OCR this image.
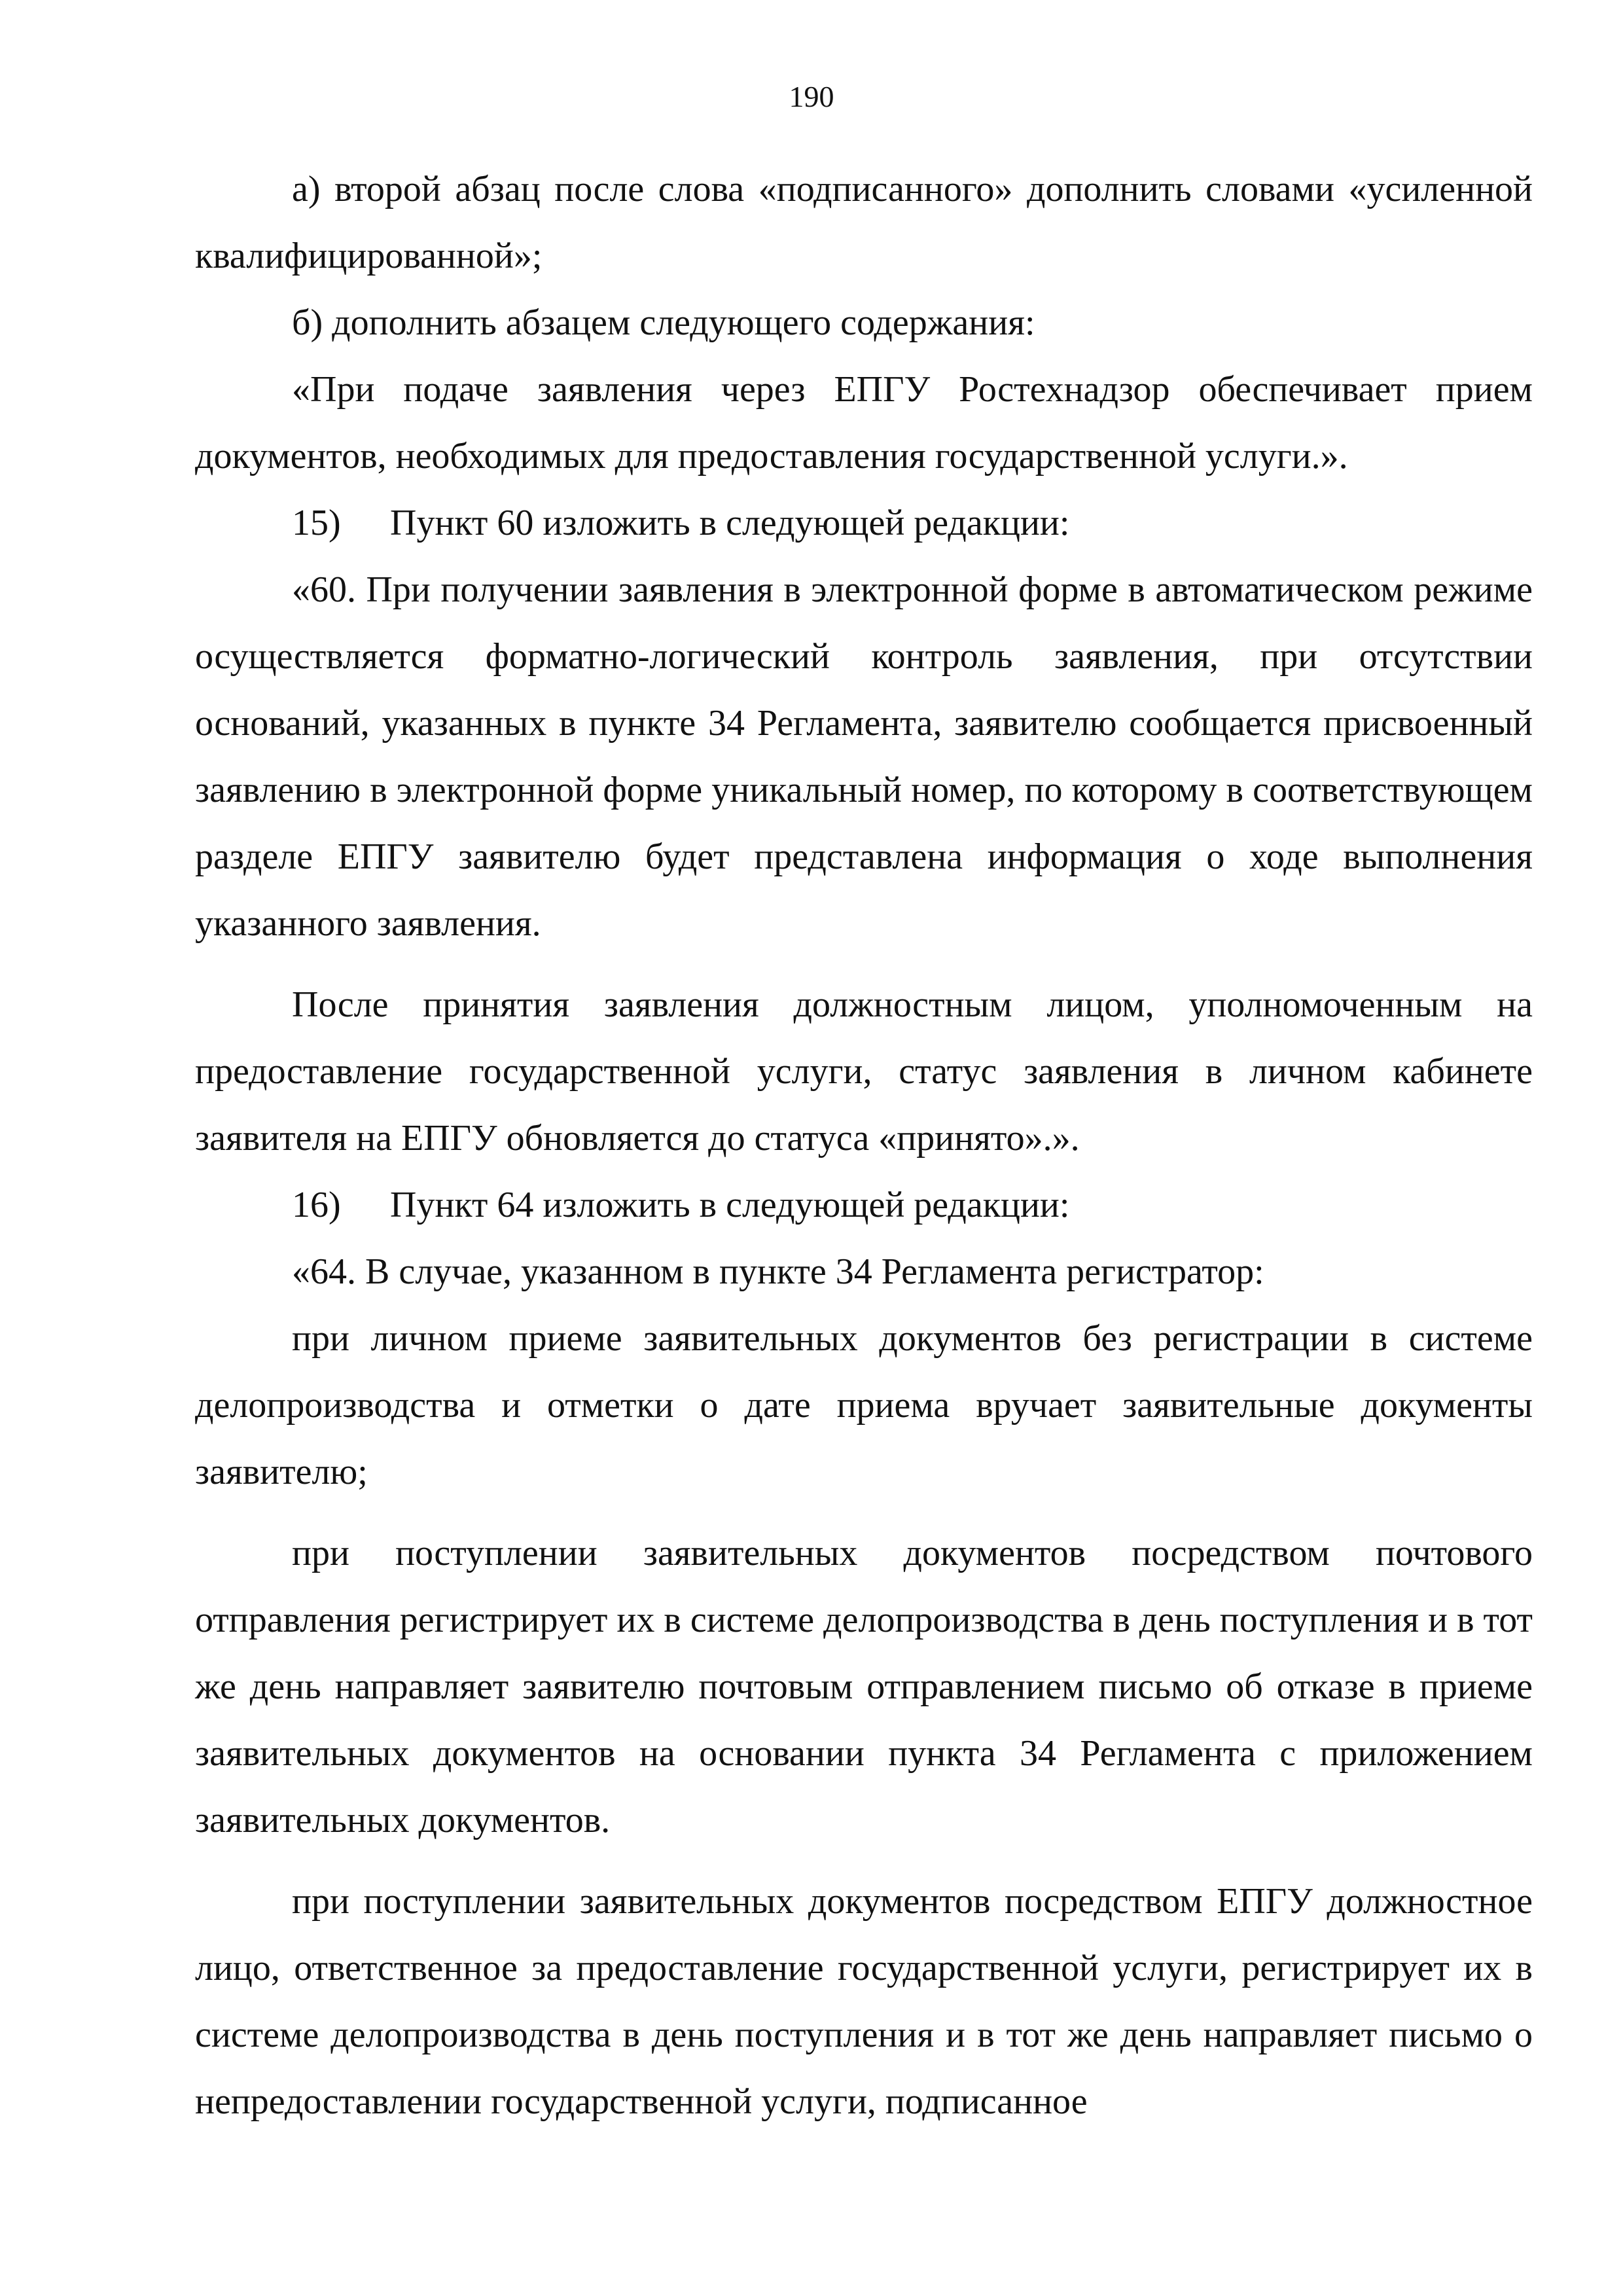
190

а) второй абзац после слова «подписанного» дополнить словами «усиленной квалифицированной»;

б) дополнить абзацем следующего содержания:

«При подаче заявления через ЕПГУ Ростехнадзор обеспечивает прием документов, необходимых для предоставления государственной услуги.».

15) Пункт 60 изложить в следующей редакции:

«60. При получении заявления в электронной форме в автоматическом режиме осуществляется форматно-логический контроль заявления, при отсутствии оснований, указанных в пункте 34 Регламента, заявителю сообщается присвоенный заявлению в электронной форме уникальный номер, по которому в соответствующем разделе ЕПГУ заявителю будет представлена информация о ходе выполнения указанного заявления.

После принятия заявления должностным лицом, уполномоченным на предоставление государственной услуги, статус заявления в личном кабинете заявителя на ЕПГУ обновляется до статуса «принято».».

16) Пункт 64 изложить в следующей редакции:

«64. В случае, указанном в пункте 34 Регламента регистратор:

при личном приеме заявительных документов без регистрации в системе делопроизводства и отметки о дате приема вручает заявительные документы заявителю;

при поступлении заявительных документов посредством почтового отправления регистрирует их в системе делопроизводства в день поступления и в тот же день направляет заявителю почтовым отправлением письмо об отказе в приеме заявительных документов на основании пункта 34 Регламента с приложением заявительных документов.

при поступлении заявительных документов посредством ЕПГУ должностное лицо, ответственное за предоставление государственной услуги, регистрирует их в системе делопроизводства в день поступления и в тот же день направляет письмо о непредоставлении государственной услуги, подписанное
